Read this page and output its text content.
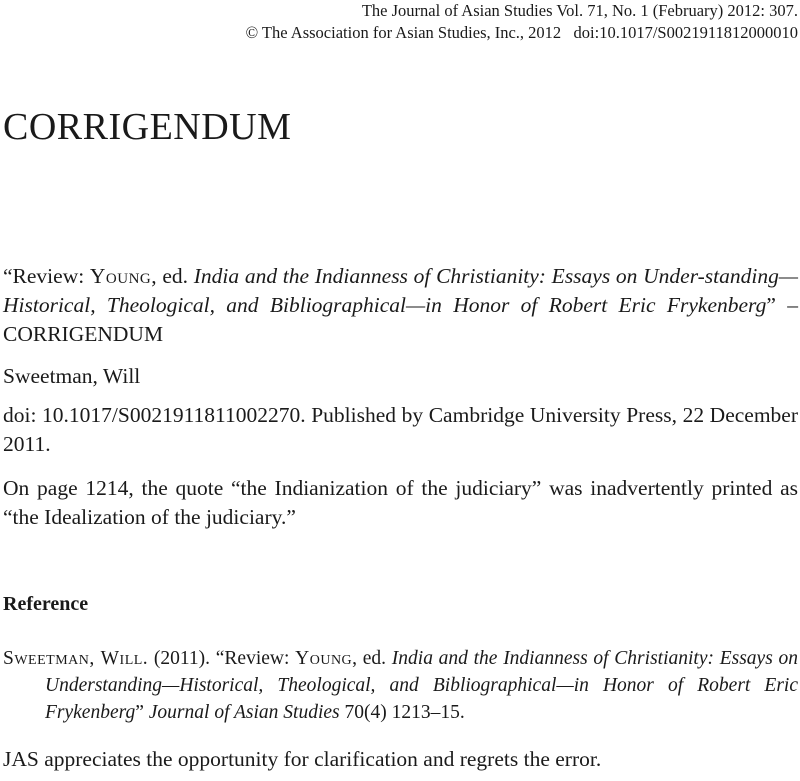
The Journal of Asian Studies Vol. 71, No. 1 (February) 2012: 307.
© The Association for Asian Studies, Inc., 2012   doi:10.1017/S0021911812000010
CORRIGENDUM
“Review: Young, ed. India and the Indianness of Christianity: Essays on Under-standing—Historical, Theological, and Bibliographical—in Honor of Robert Eric Frykenberg” – CORRIGENDUM
Sweetman, Will
doi: 10.1017/S0021911811002270. Published by Cambridge University Press, 22 December 2011.
On page 1214, the quote “the Indianization of the judiciary” was inadvertently printed as “the Idealization of the judiciary.”
Reference
Sweetman, Will. (2011). “Review: Young, ed. India and the Indianness of Christianity: Essays on Understanding—Historical, Theological, and Bibliographical—in Honor of Robert Eric Frykenberg” Journal of Asian Studies 70(4) 1213–15.
JAS appreciates the opportunity for clarification and regrets the error.
